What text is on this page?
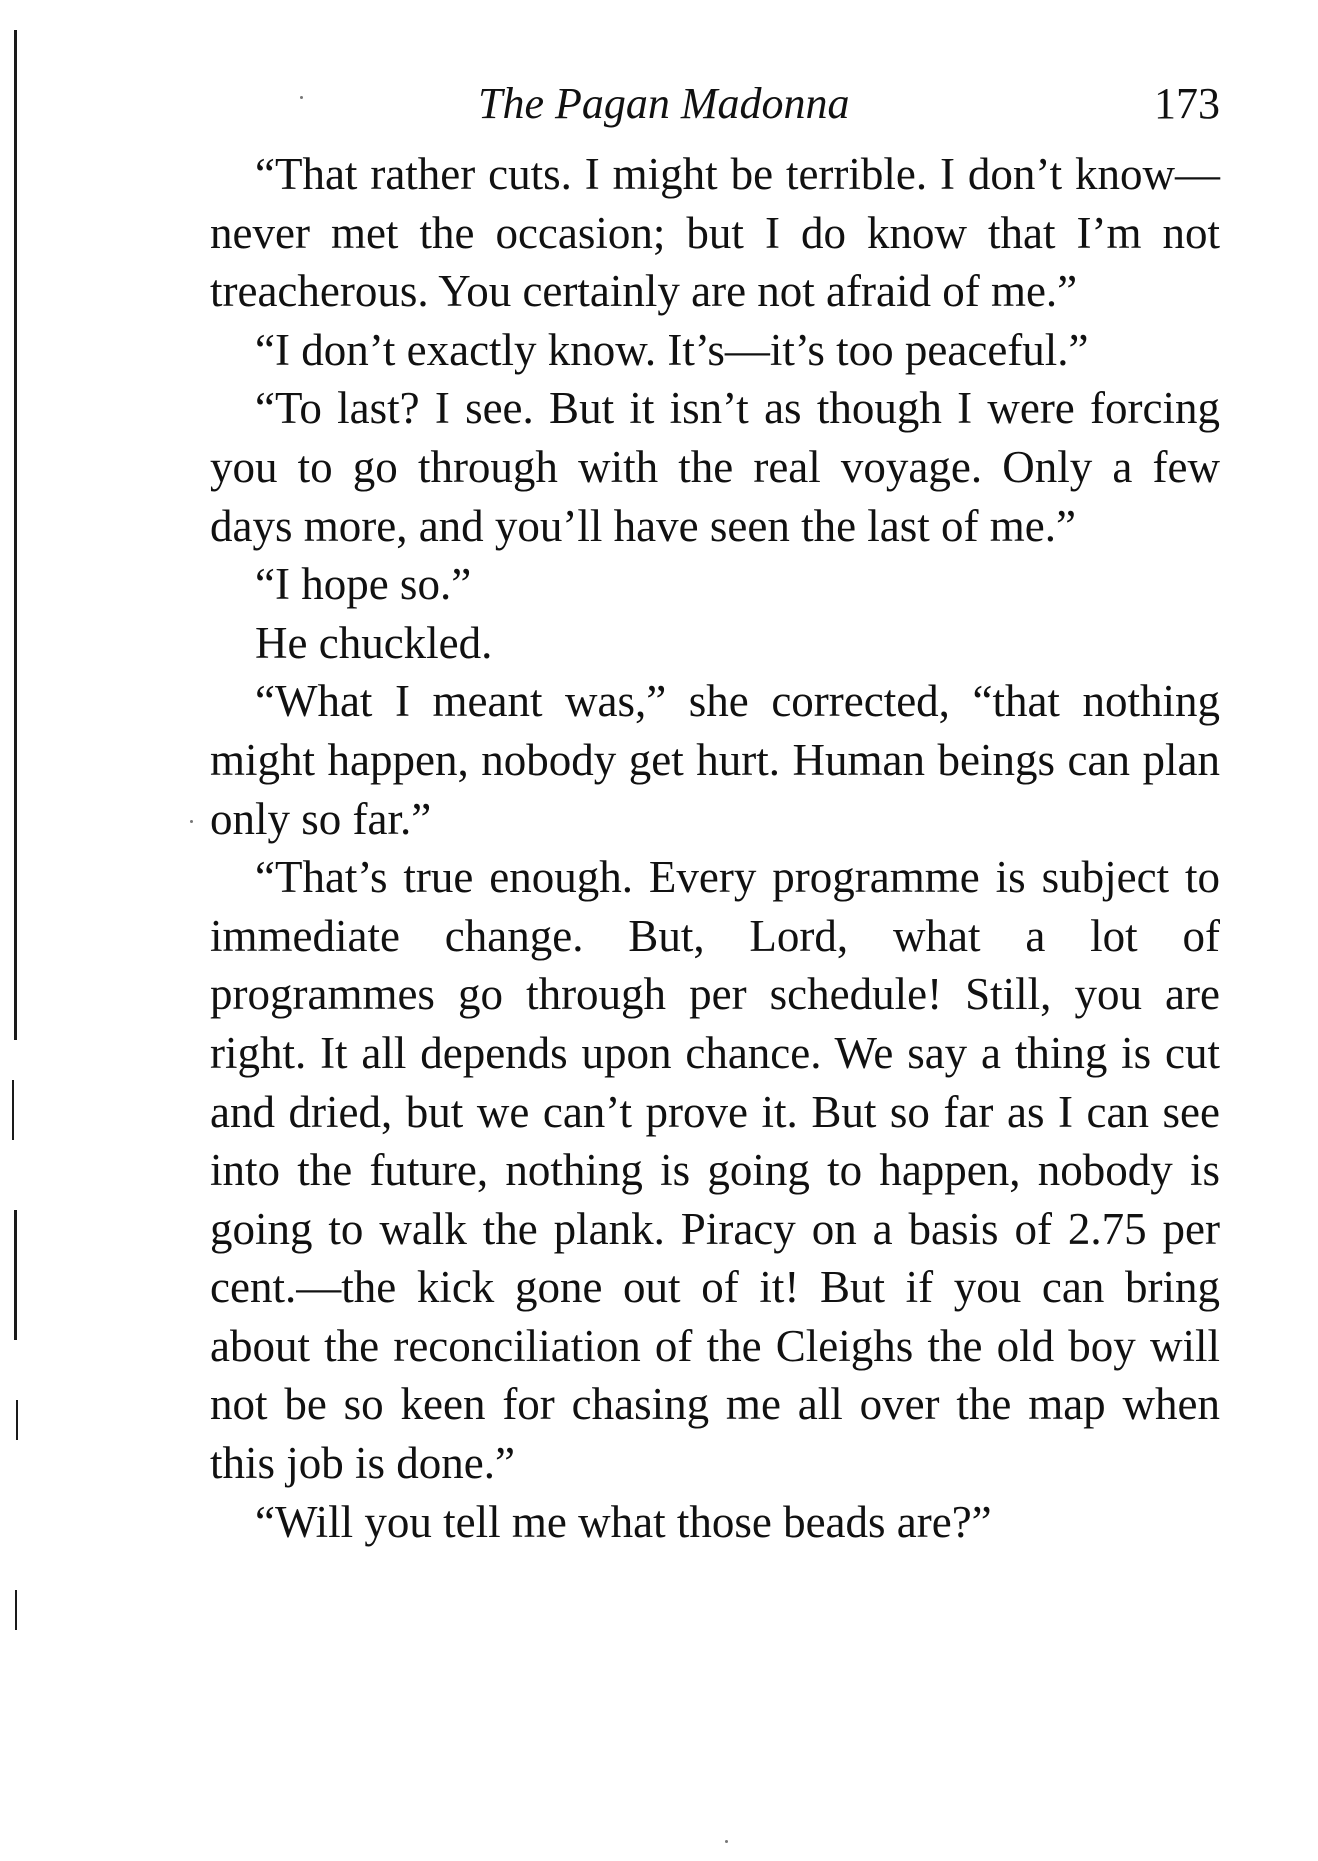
The Pagan Madonna	173

“That rather cuts. I might be terrible. I don’t know—never met the occasion; but I do know that I’m not treacherous. You certainly are not afraid of me.”

“I don’t exactly know. It’s—it’s too peaceful.”

“To last? I see. But it isn’t as though I were forcing you to go through with the real voyage. Only a few days more, and you’ll have seen the last of me.”

“I hope so.”

He chuckled.

“What I meant was,” she corrected, “that nothing might happen, nobody get hurt. Human beings can plan only so far.”

“That’s true enough. Every programme is subject to immediate change. But, Lord, what a lot of programmes go through per schedule! Still, you are right. It all depends upon chance. We say a thing is cut and dried, but we can’t prove it. But so far as I can see into the future, nothing is going to happen, nobody is going to walk the plank. Piracy on a basis of 2.75 per cent.—the kick gone out of it! But if you can bring about the reconciliation of the Cleighs the old boy will not be so keen for chasing me all over the map when this job is done.”

“Will you tell me what those beads are?”
